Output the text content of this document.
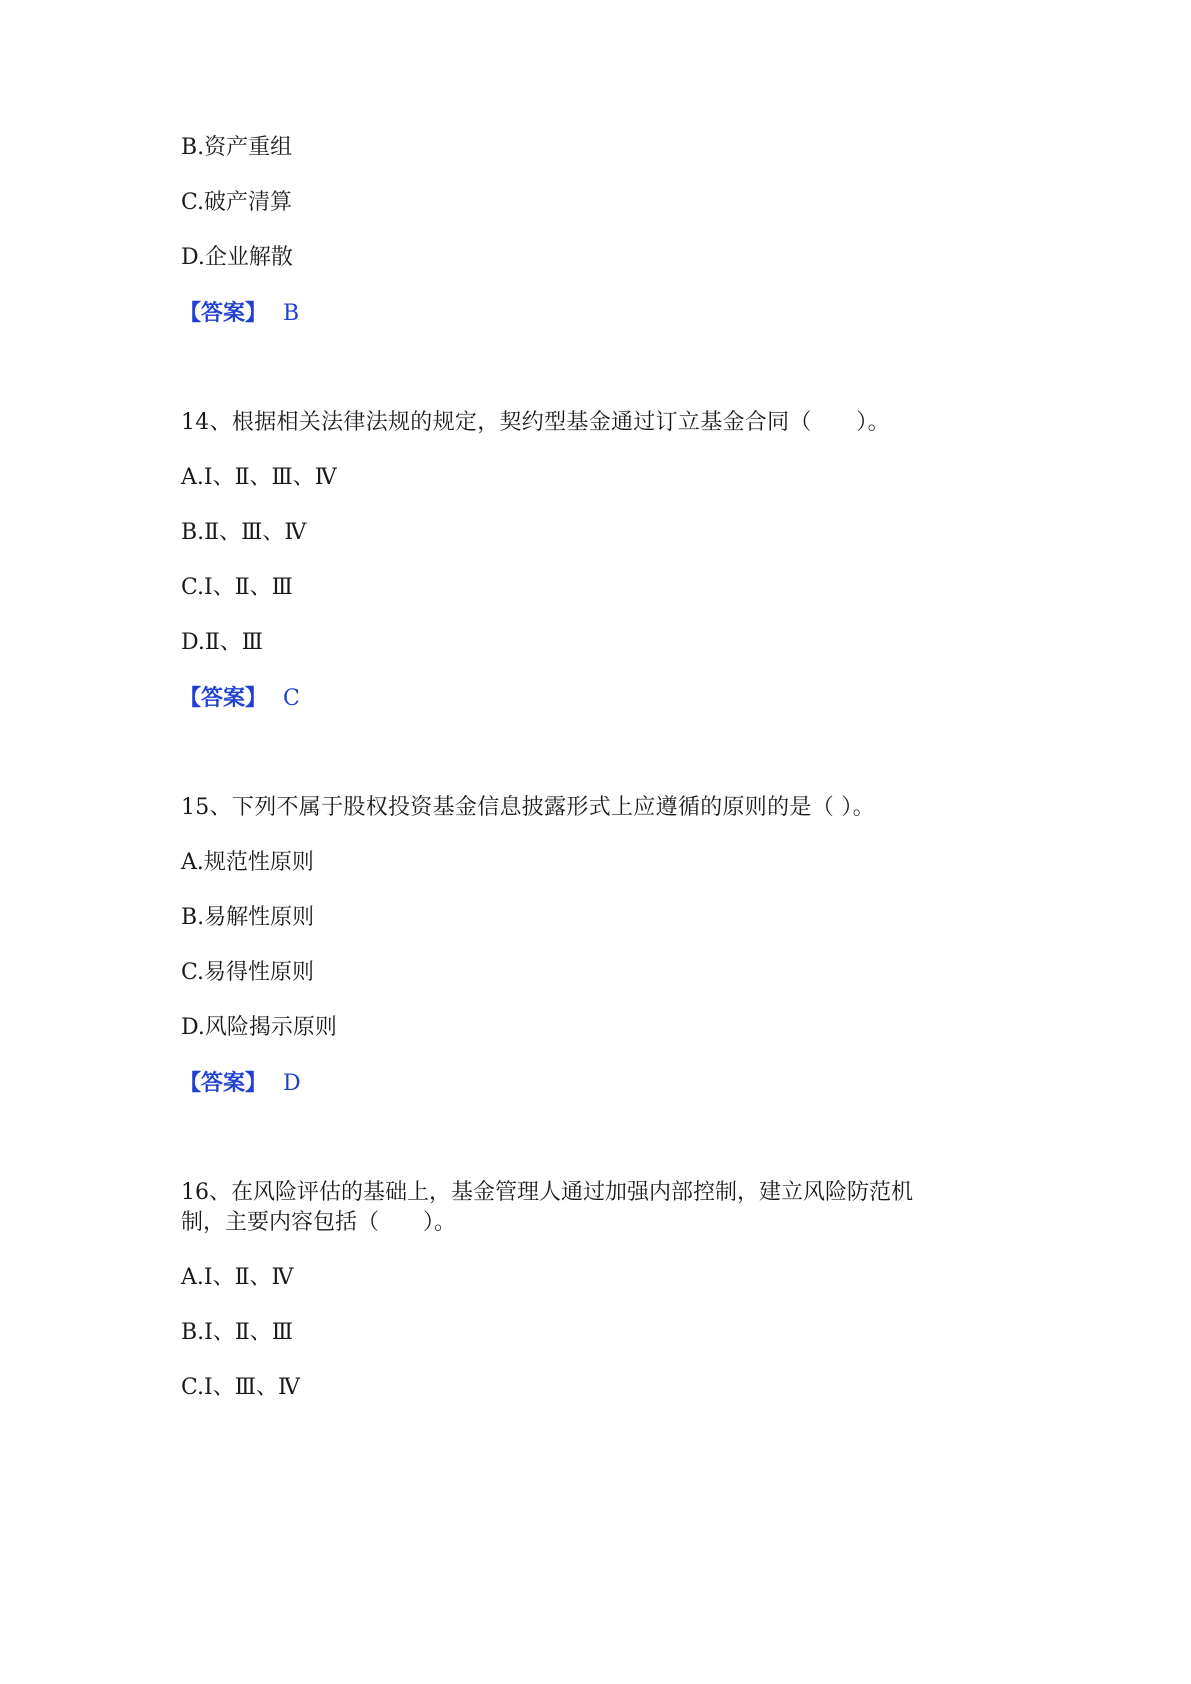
B.资产重组
C.破产清算
D.企业解散
【答案】 B
14、根据相关法律法规的规定，契约型基金通过订立基金合同（　　）。
A.Ⅰ、Ⅱ、Ⅲ、Ⅳ
B.Ⅱ、Ⅲ、Ⅳ
C.Ⅰ、Ⅱ、Ⅲ
D.Ⅱ、Ⅲ
【答案】 C
15、下列不属于股权投资基金信息披露形式上应遵循的原则的是（ ）。
A.规范性原则
B.易解性原则
C.易得性原则
D.风险揭示原则
【答案】 D
16、在风险评估的基础上，基金管理人通过加强内部控制，建立风险防范机
制，主要内容包括（　　）。
A.Ⅰ、Ⅱ、Ⅳ
B.Ⅰ、Ⅱ、Ⅲ
C.Ⅰ、Ⅲ、Ⅳ
